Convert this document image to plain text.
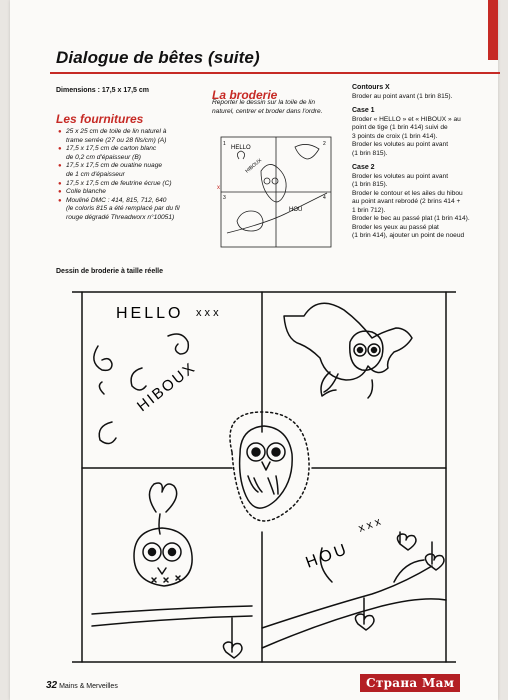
Dialogue de bêtes (suite)
Dimensions : 17,5 x 17,5 cm
Les fournitures
● 25 x 25 cm de toile de lin naturel à
trame serrée (27 ou 28 fils/cm) (A)
● 17,5 x 17,5 cm de carton blanc
de 0,2 cm d'épaisseur (B)
● 17,5 x 17,5 cm de ouatine nuage
de 1 cm d'épaisseur
● 17,5 x 17,5 cm de feutrine écrue (C)
● Colle blanche
● Mouliné DMC : 414, 815, 712, 640
(le coloris 815 a été remplacé par du fil
rouge dégradé Threadworx n°10051)
La broderie
Reporter le dessin sur la toile de lin
naturel, centrer et broder dans l'ordre.
Contours X
Broder au point avant (1 brin 815).
Case 1
Broder « HELLO » et « HIBOUX » au
point de tige (1 brin 414) suivi de
3 points de croix (1 brin 414).
Broder les volutes au point avant
(1 brin 815).
Case 2
Broder les volutes au point avant
(1 brin 815).
Broder le contour et les ailes du hibou
au point avant rebrodé (2 brins 414 +
1 brin 712).
Broder le bec au passé plat (1 brin 414).
Broder les yeux au passé plat
(1 brin 414), ajouter un point de noeud
HELLO
HIBOUX
HOU
1	2
3	4
x
Dessin de broderie à taille réelle
HELLO x x x
HIBOUX
HOU
x x x
32 Mains & Merveilles	Страна Мам
